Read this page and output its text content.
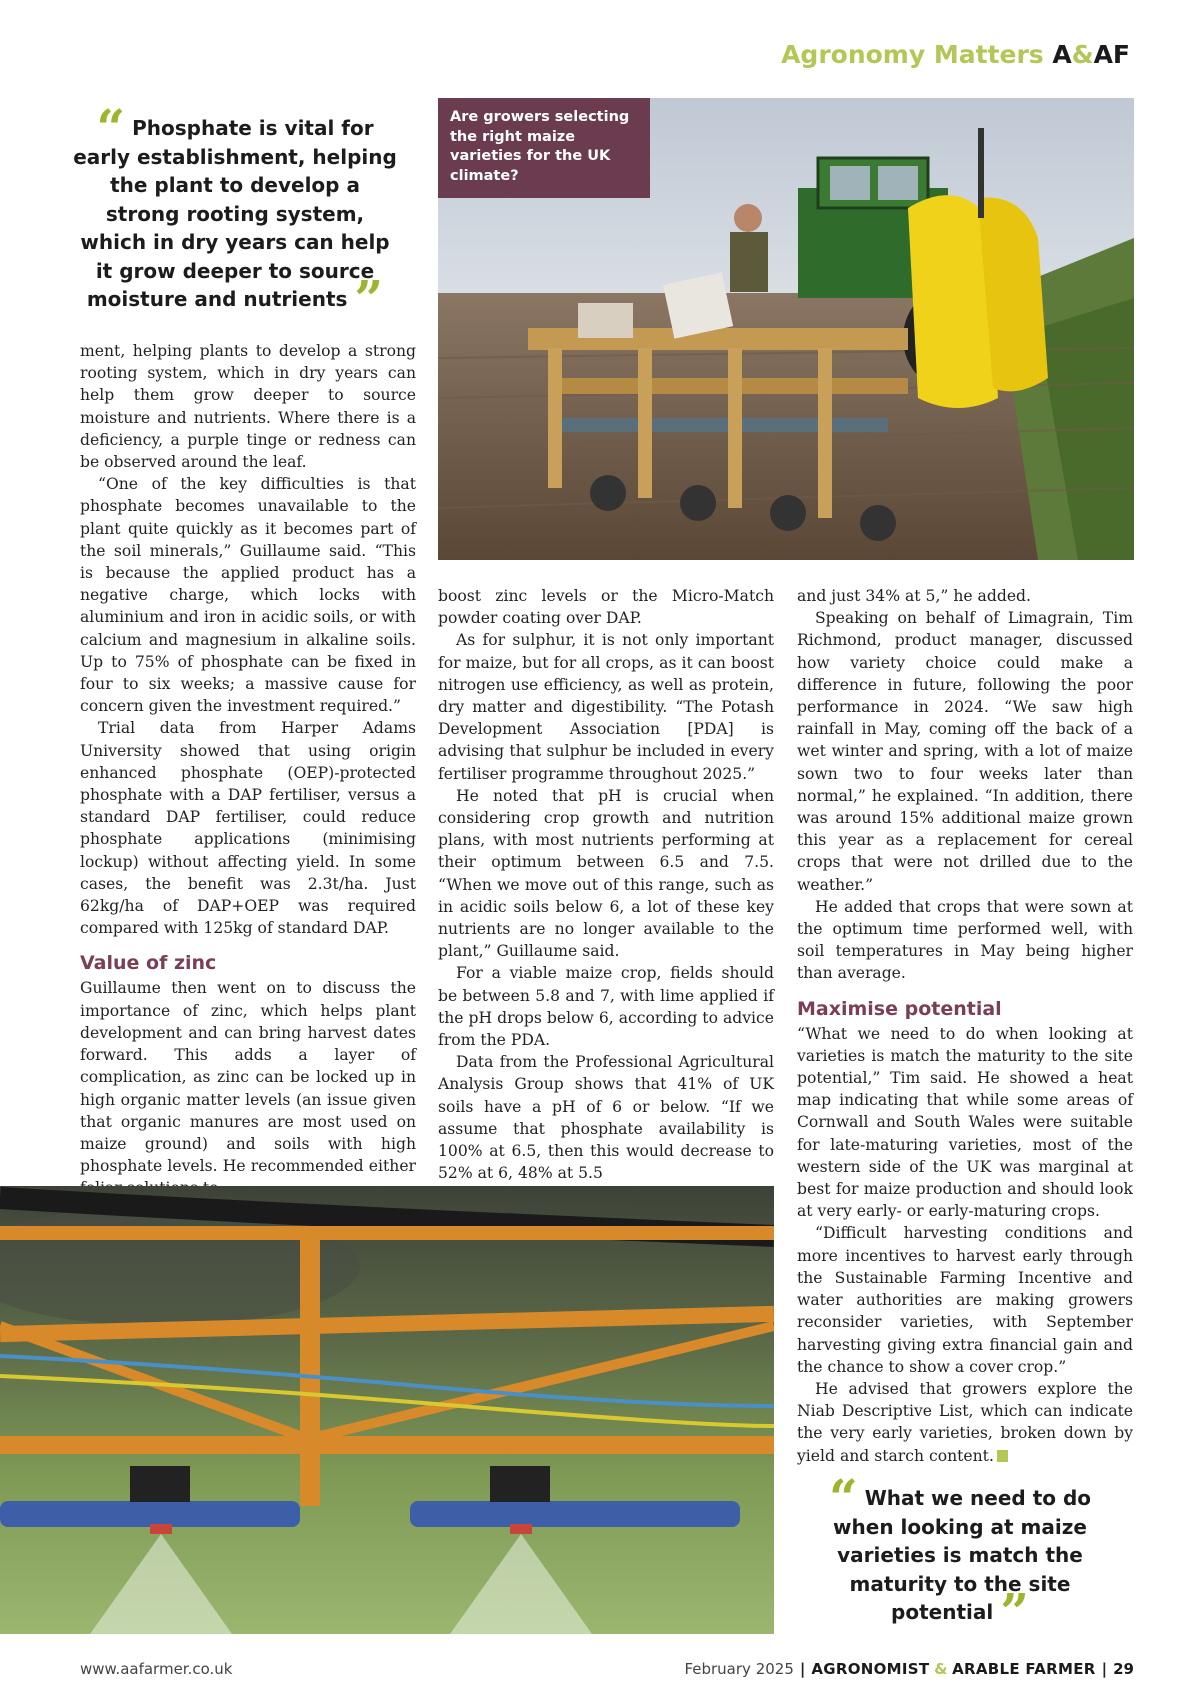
Agronomy Matters A&AF
“ Phosphate is vital for early establishment, helping the plant to develop a strong rooting system, which in dry years can help it grow deeper to source moisture and nutrients ”
Are growers selecting the right maize varieties for the UK climate?

ment, helping plants to develop a strong rooting system, which in dry years can help them grow deeper to source moisture and nutrients. Where there is a deficiency, a purple tinge or redness can be observed around the leaf.

“One of the key difficulties is that phosphate becomes unavailable to the plant quite quickly as it becomes part of the soil minerals,” Guillaume said. “This is because the applied product has a negative charge, which locks with aluminium and iron in acidic soils, or with calcium and magnesium in alkaline soils. Up to 75% of phosphate can be fixed in four to six weeks; a massive cause for concern given the investment required.”

Trial data from Harper Adams University showed that using origin enhanced phosphate (OEP)-protected phosphate with a DAP fertiliser, versus a standard DAP fertiliser, could reduce phosphate applications (minimising lockup) without affecting yield. In some cases, the benefit was 2.3t/ha. Just 62kg/ha of DAP+OEP was required compared with 125kg of standard DAP.

Value of zinc

Guillaume then went on to discuss the importance of zinc, which helps plant development and can bring harvest dates forward. This adds a layer of complication, as zinc can be locked up in high organic matter levels (an issue given that organic manures are most used on maize ground) and soils with high phosphate levels. He recommended either

boost zinc levels or the Micro-Match powder coating over DAP.

As for sulphur, it is not only important for maize, but for all crops, as it can boost nitrogen use efficiency, as well as protein, dry matter and digestibility. “The Potash Development Association [PDA] is advising that sulphur be included in every fertiliser programme throughout 2025.”

He noted that pH is crucial when considering crop growth and nutrition plans, with most nutrients performing at their optimum between 6.5 and 7.5. “When we move out of this range, such as in acidic soils below 6, a lot of these key nutrients are no longer available to the plant,” Guillaume said.

For a viable maize crop, fields should be between 5.8 and 7, with lime applied if the pH drops below 6, according to advice from the PDA.

Data from the Professional Agricultural Analysis Group shows that 41% of UK soils have a pH of 6 or below. “If we assume that phosphate availability is 100% at 6.5, then this would decrease to 52% at 6, 48% at 5.5

and just 34% at 5,” he added.

Speaking on behalf of Limagrain, Tim Richmond, product manager, discussed how variety choice could make a difference in future, following the poor performance in 2024. “We saw high rainfall in May, coming off the back of a wet winter and spring, with a lot of maize sown two to four weeks later than normal,” he explained. “In addition, there was around 15% additional maize grown this year as a replacement for cereal crops that were not drilled due to the weather.”

He added that crops that were sown at the optimum time performed well, with soil temperatures in May being higher than average.

Maximise potential

“What we need to do when looking at varieties is match the maturity to the site potential,” Tim said. He showed a heat map indicating that while some areas of Cornwall and South Wales were suitable for late-maturing varieties, most of the western side of the UK was marginal at best for maize production and should look at very early- or early-maturing crops.

“Difficult harvesting conditions and more incentives to harvest early through the Sustainable Farming Incentive and water authorities are making growers reconsider varieties, with September harvesting giving extra financial gain and the chance to show a cover crop.”

He advised that growers explore the Niab Descriptive List, which can indicate the very early varieties, broken down by yield and starch content.

“ What we need to do when looking at maize varieties is match the maturity to the site potential ”
www.aafarmer.co.uk	February 2025 | AGRONOMIST & ARABLE FARMER | 29
